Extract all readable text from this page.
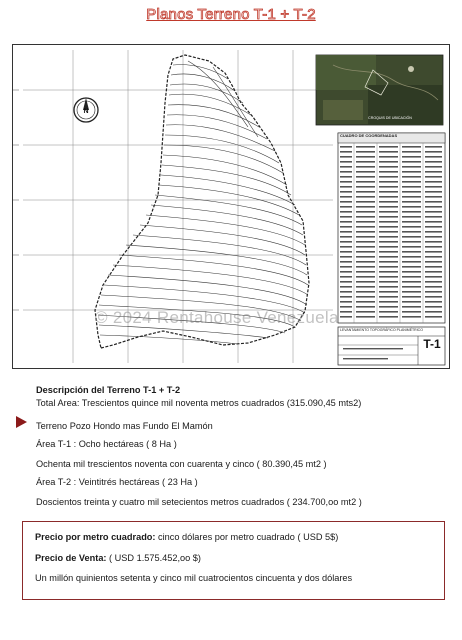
Planos Terreno T-1 + T-2
N
CROQUIS DE UBICACIÓN
CUADRO DE COORDENADAS
LEVANTAMIENTO TOPOGRÁFICO PLANIMÉTRICO
T-1
© 2024 Rentahouse Venezuela
Descripción del Terreno T-1 + T-2
Total Area: Trescientos quince mil noventa metros cuadrados (315.090,45 mts2)
Terreno Pozo Hondo mas Fundo El Mamón
Área T-1 : Ocho hectáreas ( 8 Ha )
Ochenta mil trescientos noventa con cuarenta y cinco ( 80.390,45 mt2 )
Área T-2 : Veintitrés hectáreas ( 23 Ha )
Doscientos treinta y cuatro mil setecientos metros cuadrados ( 234.700,oo mt2 )
Precio por metro cuadrado: cinco dólares por metro cuadrado ( USD 5$)
Precio de Venta: ( USD 1.575.452,oo $)
Un millón quinientos setenta y cinco mil cuatrocientos cincuenta y dos dólares
